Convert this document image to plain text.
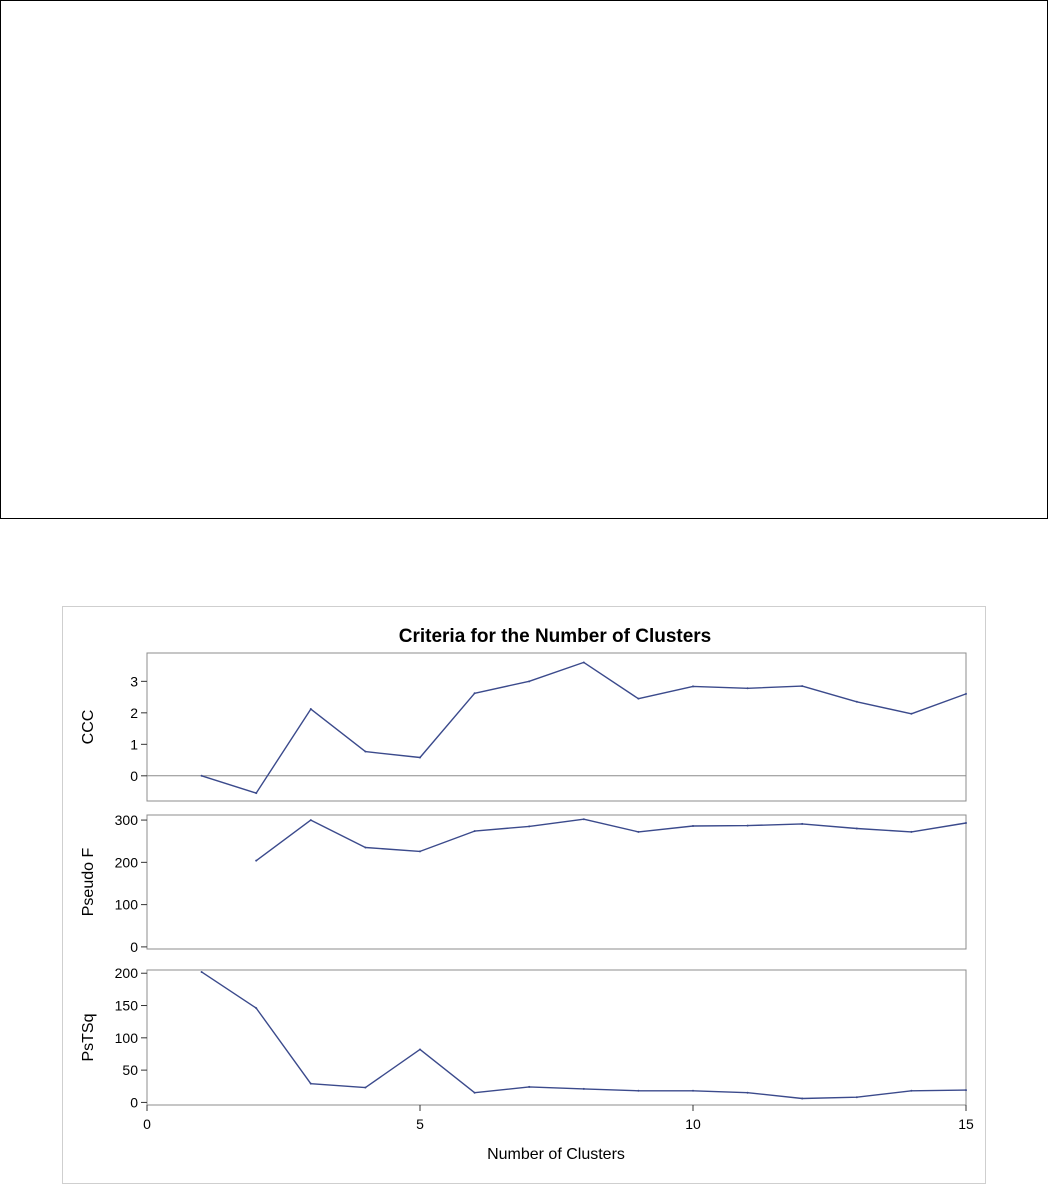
Criteria for the Number of Clusters
Number of Clusters
0
1
2
3
CCC
0
100
200
300
Pseudo F
0
50
100
150
200
PsTSq
0	5	10	15
